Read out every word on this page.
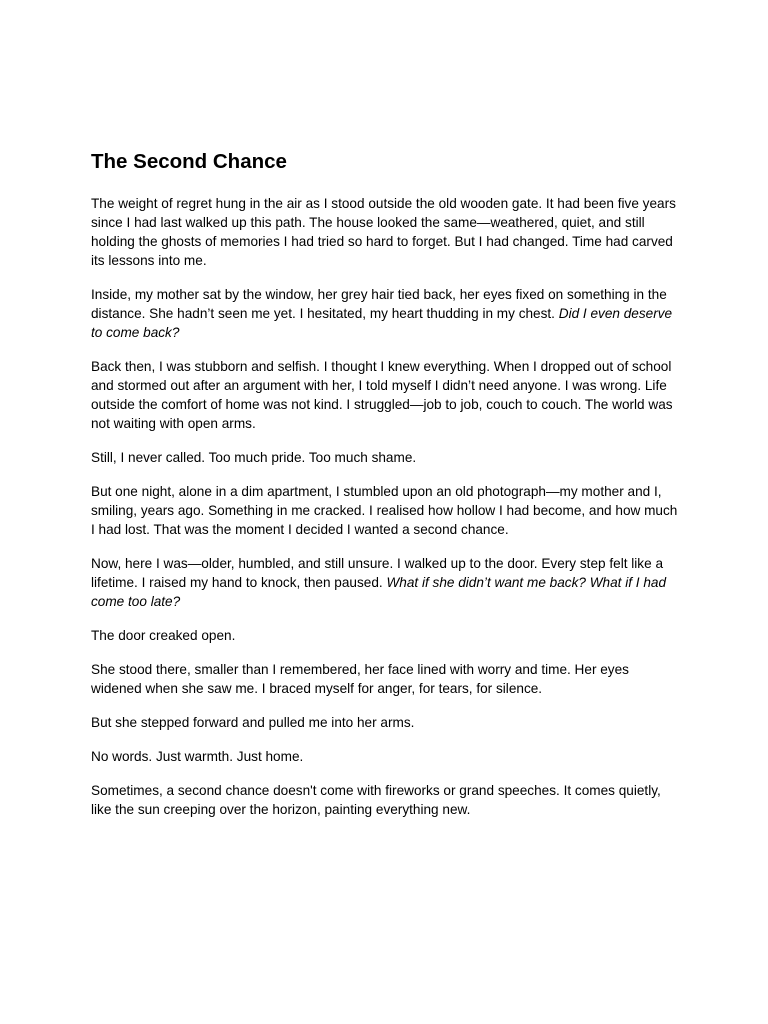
The Second Chance

The weight of regret hung in the air as I stood outside the old wooden gate. It had been five years since I had last walked up this path. The house looked the same—weathered, quiet, and still holding the ghosts of memories I had tried so hard to forget. But I had changed. Time had carved its lessons into me.

Inside, my mother sat by the window, her grey hair tied back, her eyes fixed on something in the distance. She hadn’t seen me yet. I hesitated, my heart thudding in my chest. Did I even deserve to come back?

Back then, I was stubborn and selfish. I thought I knew everything. When I dropped out of school and stormed out after an argument with her, I told myself I didn’t need anyone. I was wrong. Life outside the comfort of home was not kind. I struggled—job to job, couch to couch. The world was not waiting with open arms.

Still, I never called. Too much pride. Too much shame.

But one night, alone in a dim apartment, I stumbled upon an old photograph—my mother and I, smiling, years ago. Something in me cracked. I realised how hollow I had become, and how much I had lost. That was the moment I decided I wanted a second chance.

Now, here I was—older, humbled, and still unsure. I walked up to the door. Every step felt like a lifetime. I raised my hand to knock, then paused. What if she didn’t want me back? What if I had come too late?

The door creaked open.

She stood there, smaller than I remembered, her face lined with worry and time. Her eyes widened when she saw me. I braced myself for anger, for tears, for silence.

But she stepped forward and pulled me into her arms.

No words. Just warmth. Just home.

Sometimes, a second chance doesn't come with fireworks or grand speeches. It comes quietly, like the sun creeping over the horizon, painting everything new.
